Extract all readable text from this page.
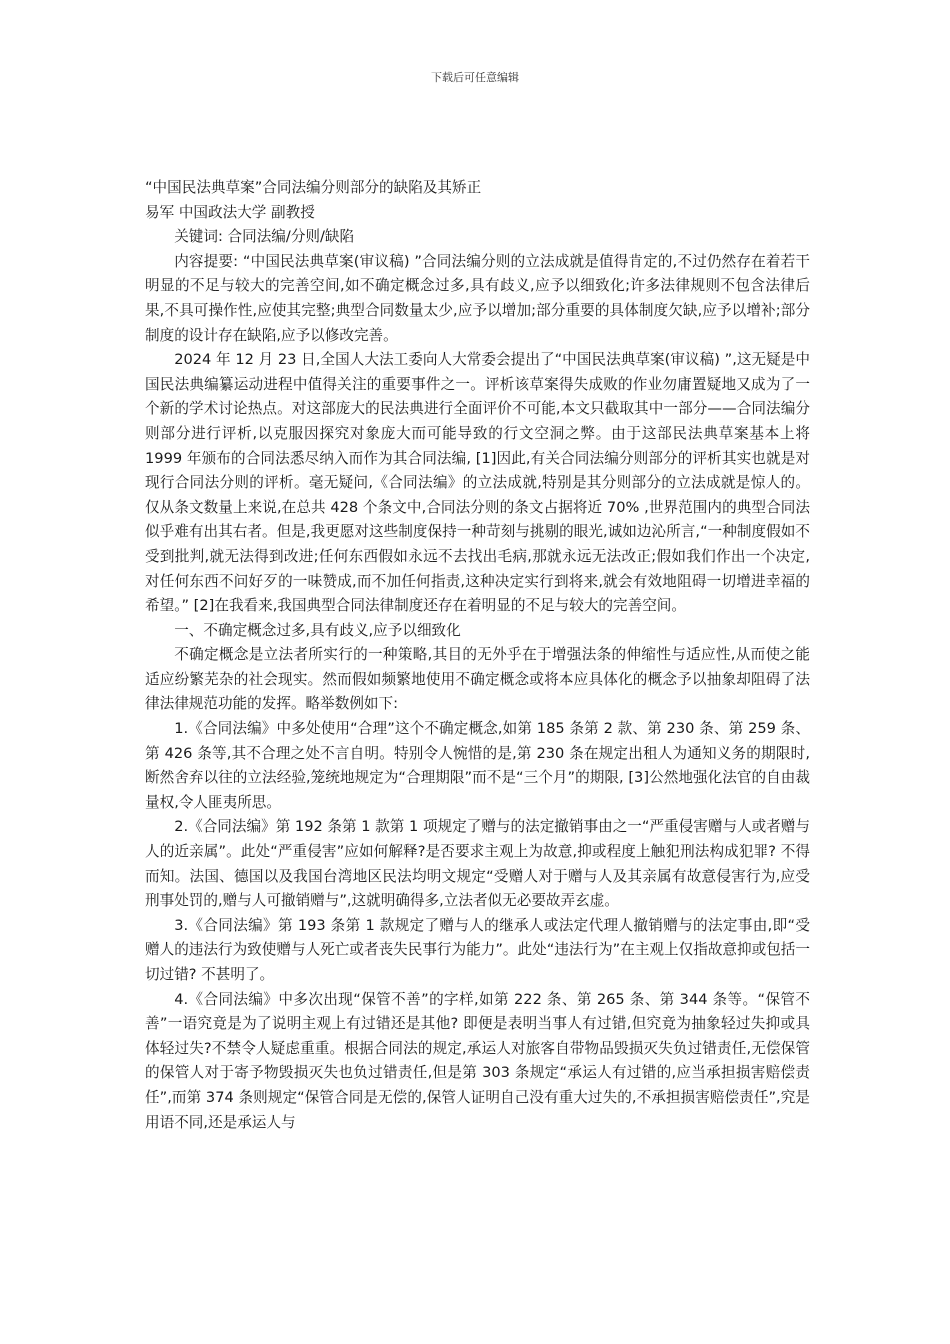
下载后可任意编辑

“中国民法典草案”合同法编分则部分的缺陷及其矫正

易军 中国政法大学 副教授

关键词: 合同法编/分则/缺陷

内容提要: “中国民法典草案(审议稿) ”合同法编分则的立法成就是值得肯定的,不过仍然存在着若干明显的不足与较大的完善空间,如不确定概念过多,具有歧义,应予以细致化;许多法律规则不包含法律后果,不具可操作性,应使其完整;典型合同数量太少,应予以增加;部分重要的具体制度欠缺,应予以增补;部分制度的设计存在缺陷,应予以修改完善。

2024 年 12 月 23 日,全国人大法工委向人大常委会提出了“中国民法典草案(审议稿) ”,这无疑是中国民法典编纂运动进程中值得关注的重要事件之一。评析该草案得失成败的作业勿庸置疑地又成为了一个新的学术讨论热点。对这部庞大的民法典进行全面评价不可能,本文只截取其中一部分——合同法编分则部分进行评析,以克服因探究对象庞大而可能导致的行文空洞之弊。由于这部民法典草案基本上将 1999 年颁布的合同法悉尽纳入而作为其合同法编, [1]因此,有关合同法编分则部分的评析其实也就是对现行合同法分则的评析。毫无疑问,《合同法编》的立法成就,特别是其分则部分的立法成就是惊人的。仅从条文数量上来说,在总共 428 个条文中,合同法分则的条文占据将近 70% ,世界范围内的典型合同法似乎难有出其右者。但是,我更愿对这些制度保持一种苛刻与挑剔的眼光,诚如边沁所言,“一种制度假如不受到批判,就无法得到改进;任何东西假如永远不去找出毛病,那就永远无法改正;假如我们作出一个决定,对任何东西不问好歹的一味赞成,而不加任何指责,这种决定实行到将来,就会有效地阻碍一切增进幸福的希望。” [2]在我看来,我国典型合同法律制度还存在着明显的不足与较大的完善空间。

一、不确定概念过多,具有歧义,应予以细致化

不确定概念是立法者所实行的一种策略,其目的无外乎在于增强法条的伸缩性与适应性,从而使之能适应纷繁芜杂的社会现实。然而假如频繁地使用不确定概念或将本应具体化的概念予以抽象却阻碍了法律法律规范功能的发挥。略举数例如下:

1.《合同法编》中多处使用“合理”这个不确定概念,如第 185 条第 2 款、第 230 条、第 259 条、第 426 条等,其不合理之处不言自明。特别令人惋惜的是,第 230 条在规定出租人为通知义务的期限时,断然舍弃以往的立法经验,笼统地规定为“合理期限”而不是“三个月”的期限, [3]公然地强化法官的自由裁量权,令人匪夷所思。

2.《合同法编》第 192 条第 1 款第 1 项规定了赠与的法定撤销事由之一“严重侵害赠与人或者赠与人的近亲属”。此处“严重侵害”应如何解释?是否要求主观上为故意,抑或程度上触犯刑法构成犯罪? 不得而知。法国、德国以及我国台湾地区民法均明文规定“受赠人对于赠与人及其亲属有故意侵害行为,应受刑事处罚的,赠与人可撤销赠与”,这就明确得多,立法者似无必要故弄玄虚。

3.《合同法编》第 193 条第 1 款规定了赠与人的继承人或法定代理人撤销赠与的法定事由,即“受赠人的违法行为致使赠与人死亡或者丧失民事行为能力”。此处“违法行为”在主观上仅指故意抑或包括一切过错? 不甚明了。

4.《合同法编》中多次出现“保管不善”的字样,如第 222 条、第 265 条、第 344 条等。“保管不善”一语究竟是为了说明主观上有过错还是其他? 即便是表明当事人有过错,但究竟为抽象轻过失抑或具体轻过失?不禁令人疑虑重重。根据合同法的规定,承运人对旅客自带物品毁损灭失负过错责任,无偿保管的保管人对于寄予物毁损灭失也负过错责任,但是第 303 条规定“承运人有过错的,应当承担损害赔偿责任”,而第 374 条则规定“保管合同是无偿的,保管人证明自己没有重大过失的,不承担损害赔偿责任”,究是用语不同,还是承运人与
